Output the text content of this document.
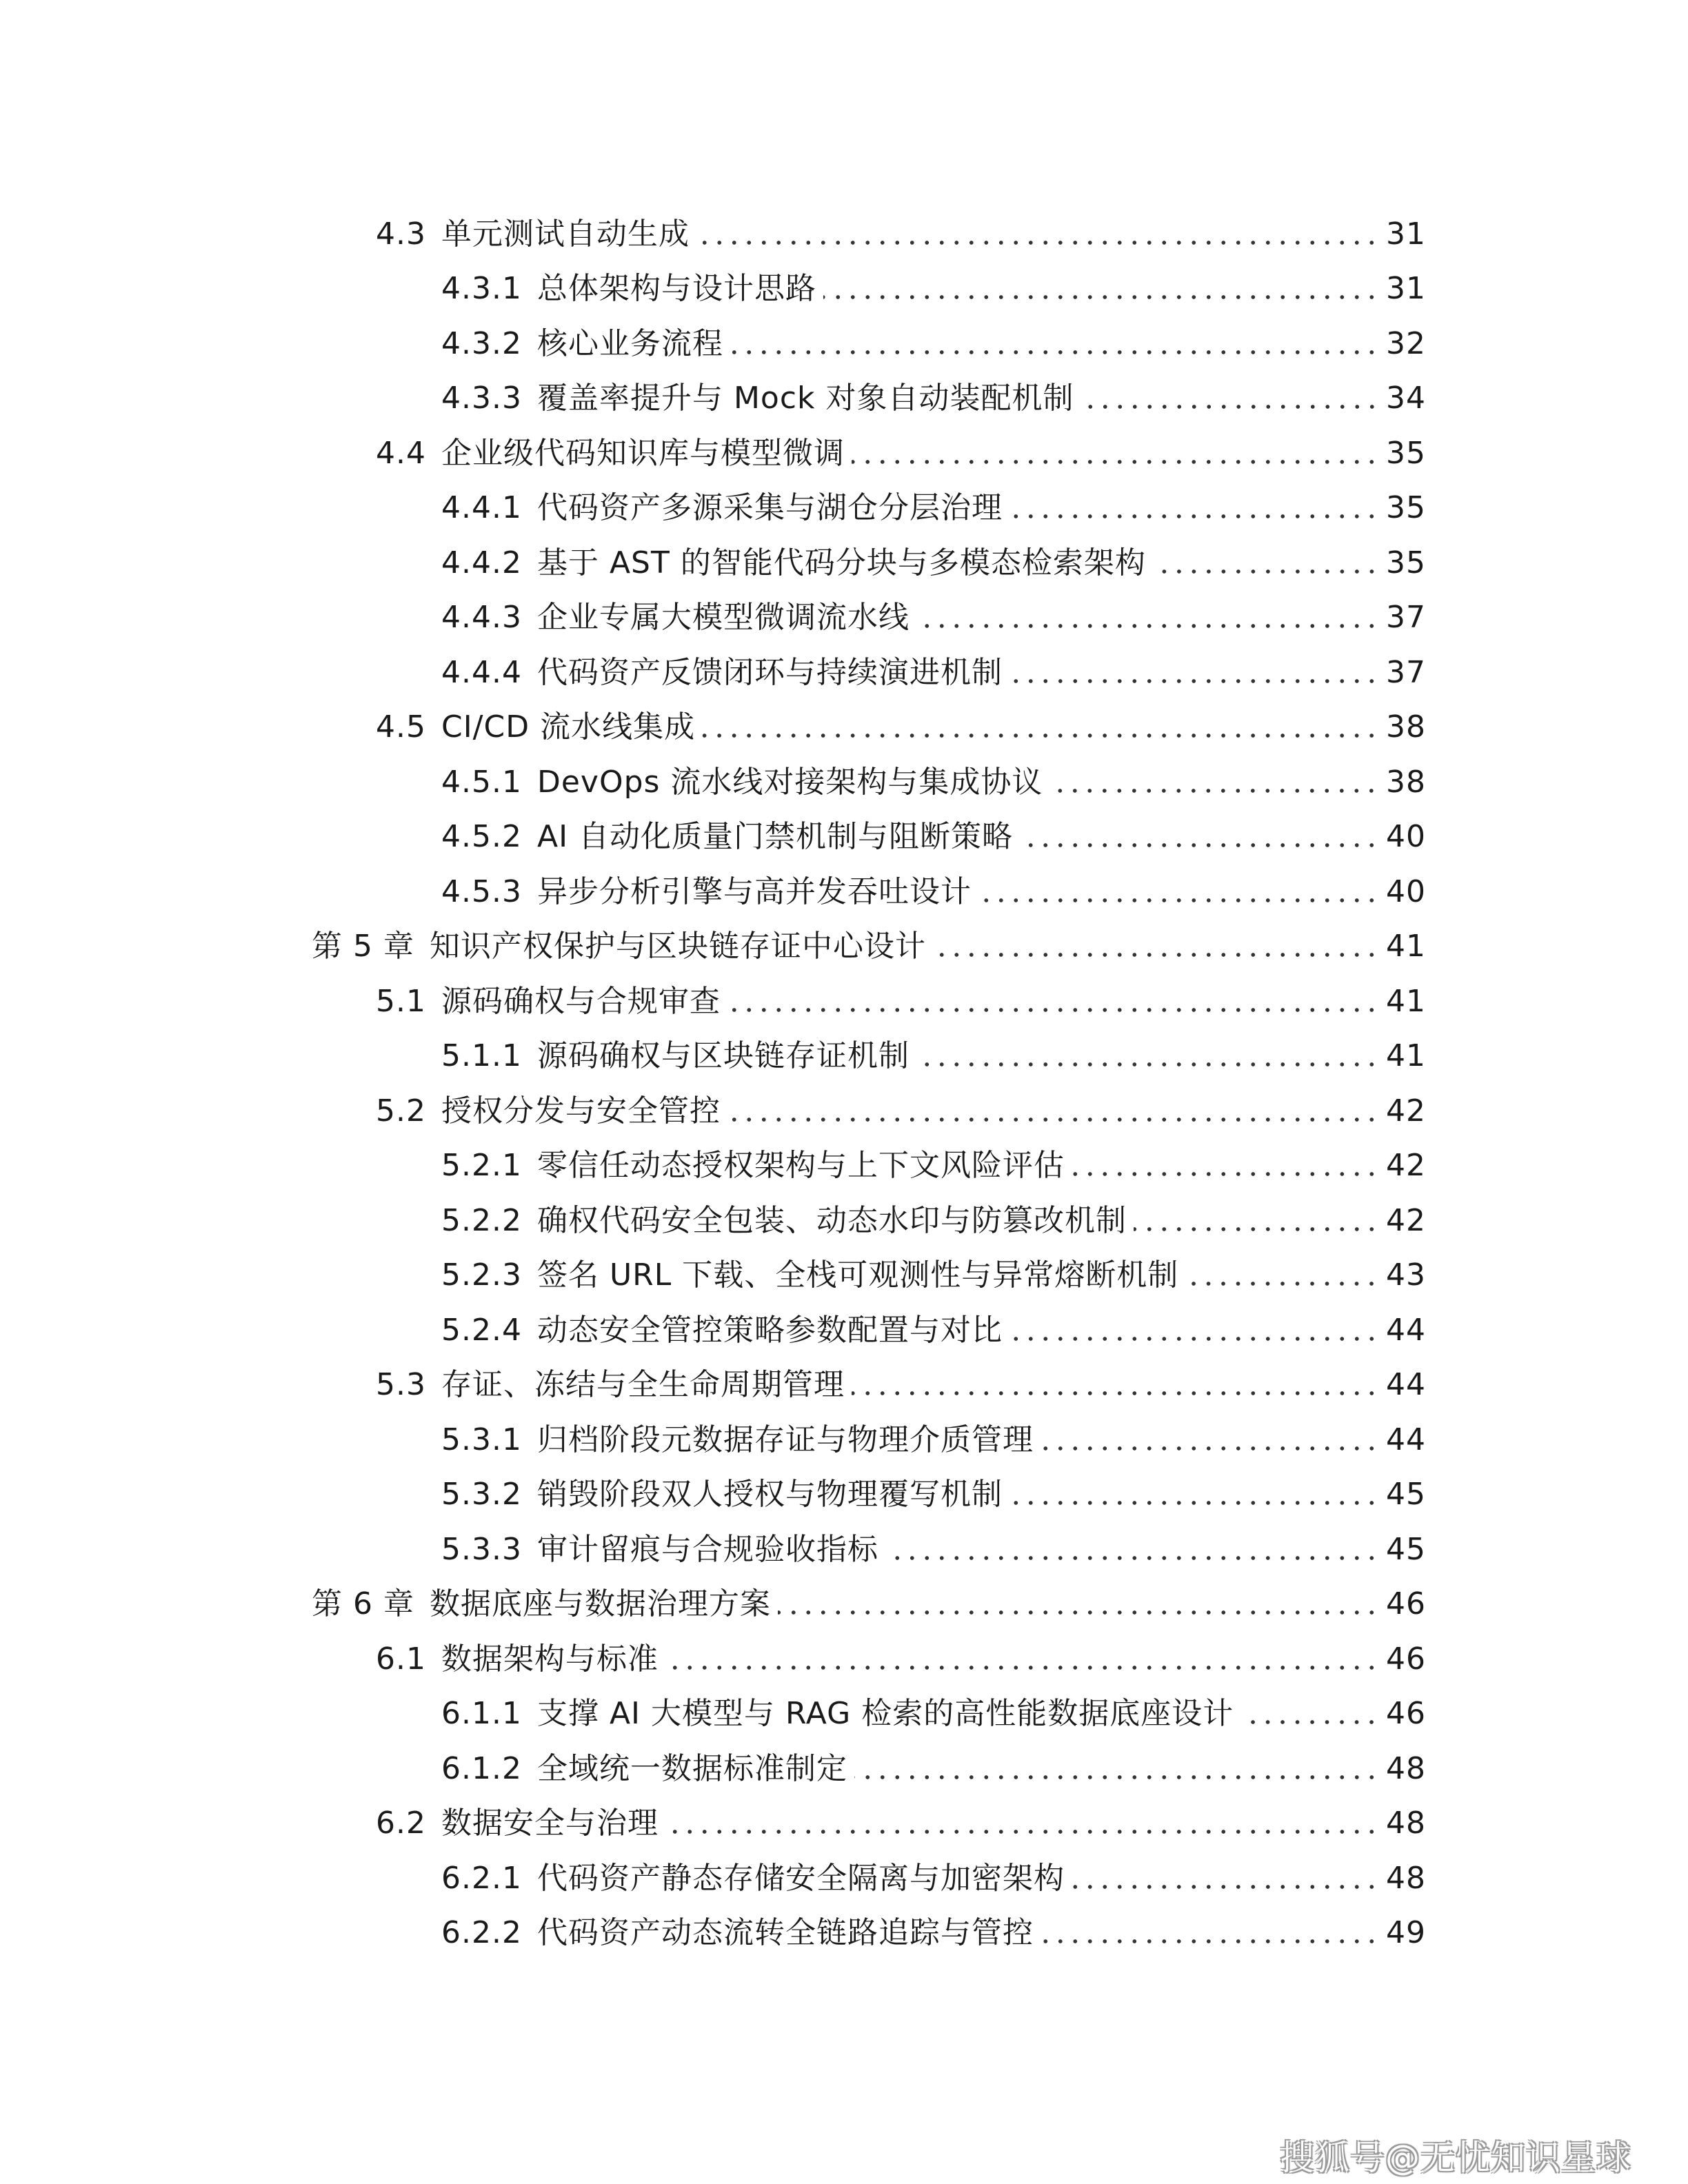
4.3 单元测试自动生成	31
4.3.1 总体架构与设计思路	31
4.3.2 核心业务流程	32
4.3.3 覆盖率提升与 Mock 对象自动装配机制	34
4.4 企业级代码知识库与模型微调	35
4.4.1 代码资产多源采集与湖仓分层治理	35
4.4.2 基于 AST 的智能代码分块与多模态检索架构	35
4.4.3 企业专属大模型微调流水线	37
4.4.4 代码资产反馈闭环与持续演进机制	37
4.5 CI/CD 流水线集成	38
4.5.1 DevOps 流水线对接架构与集成协议	38
4.5.2 AI 自动化质量门禁机制与阻断策略	40
4.5.3 异步分析引擎与高并发吞吐设计	40
第 5 章 知识产权保护与区块链存证中心设计	41
5.1 源码确权与合规审查	41
5.1.1 源码确权与区块链存证机制	41
5.2 授权分发与安全管控	42
5.2.1 零信任动态授权架构与上下文风险评估	42
5.2.2 确权代码安全包装、动态水印与防篡改机制	42
5.2.3 签名 URL 下载、全栈可观测性与异常熔断机制	43
5.2.4 动态安全管控策略参数配置与对比	44
5.3 存证、冻结与全生命周期管理	44
5.3.1 归档阶段元数据存证与物理介质管理	44
5.3.2 销毁阶段双人授权与物理覆写机制	45
5.3.3 审计留痕与合规验收指标	45
第 6 章 数据底座与数据治理方案	46
6.1 数据架构与标准	46
6.1.1 支撑 AI 大模型与 RAG 检索的高性能数据底座设计	46
6.1.2 全域统一数据标准制定	48
6.2 数据安全与治理	48
6.2.1 代码资产静态存储安全隔离与加密架构	48
6.2.2 代码资产动态流转全链路追踪与管控	49
搜狐号@无忧知识星球
